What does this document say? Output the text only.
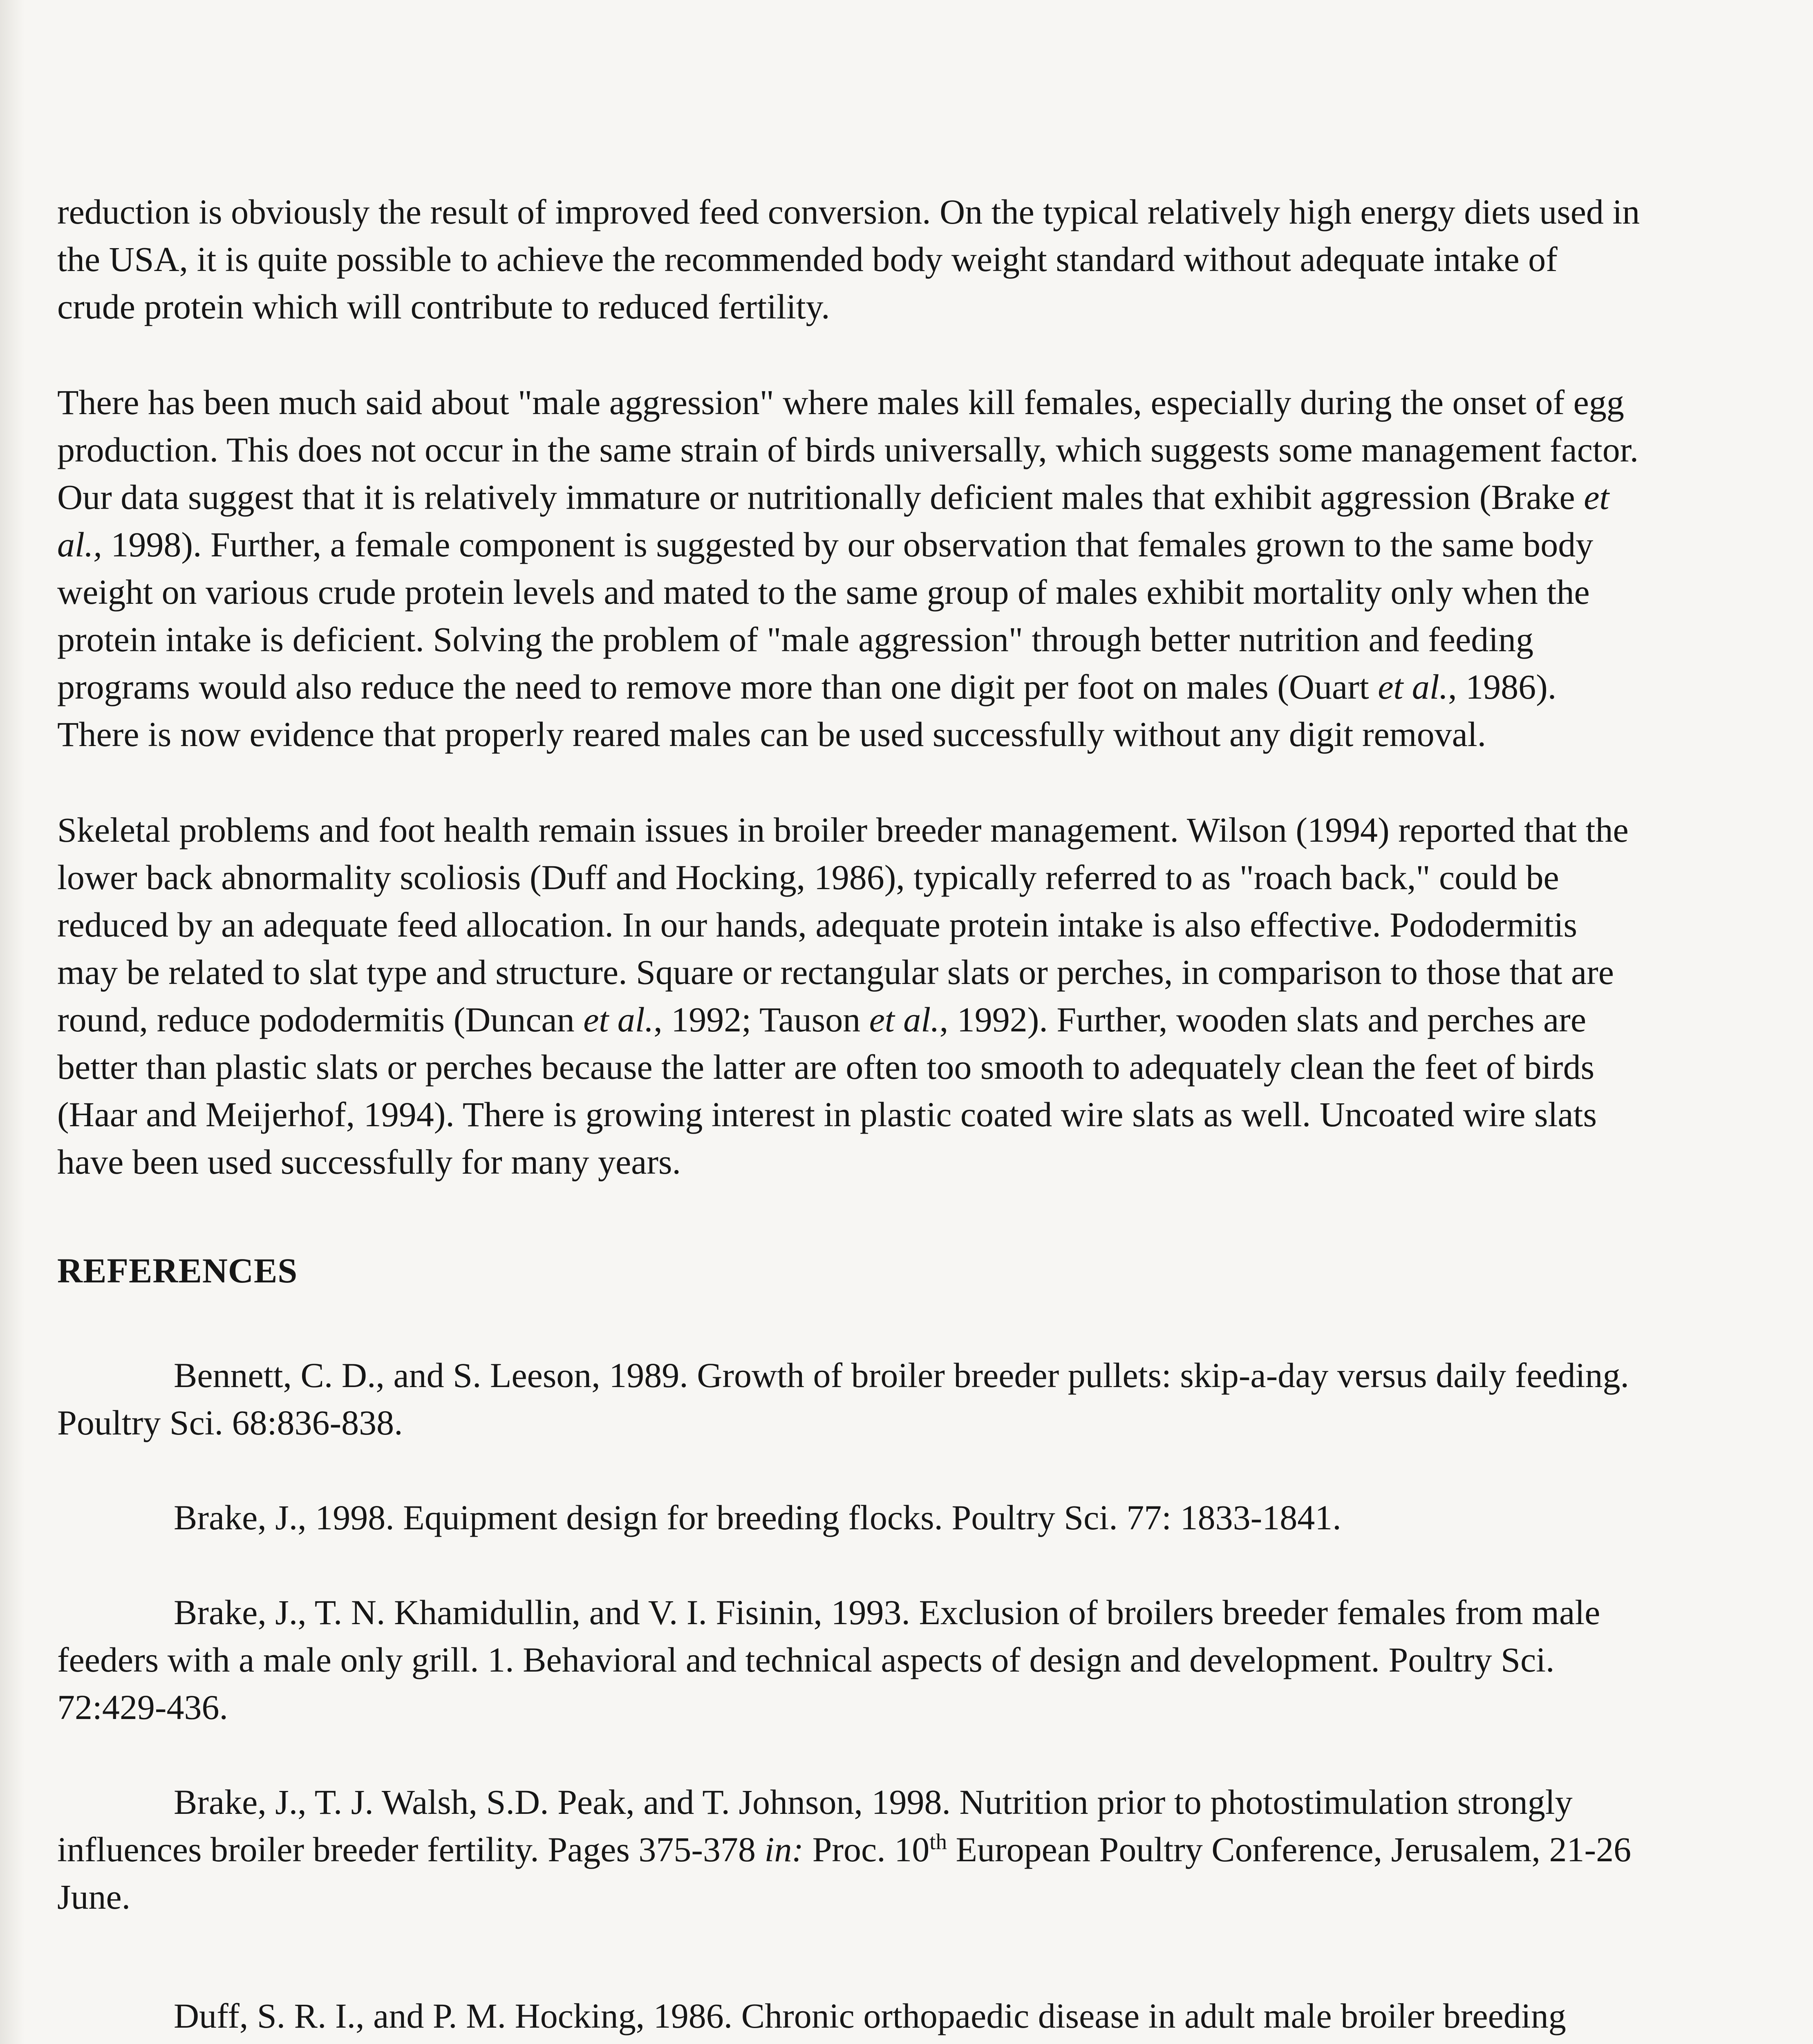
reduction is obviously the result of improved feed conversion. On the typical relatively high energy diets used in the USA, it is quite possible to achieve the recommended body weight standard without adequate intake of crude protein which will contribute to reduced fertility.

There has been much said about "male aggression" where males kill females, especially during the onset of egg production. This does not occur in the same strain of birds universally, which suggests some management factor. Our data suggest that it is relatively immature or nutritionally deficient males that exhibit aggression (Brake et al., 1998). Further, a female component is suggested by our observation that females grown to the same body weight on various crude protein levels and mated to the same group of males exhibit mortality only when the protein intake is deficient. Solving the problem of "male aggression" through better nutrition and feeding programs would also reduce the need to remove more than one digit per foot on males (Ouart et al., 1986). There is now evidence that properly reared males can be used successfully without any digit removal.

Skeletal problems and foot health remain issues in broiler breeder management. Wilson (1994) reported that the lower back abnormality scoliosis (Duff and Hocking, 1986), typically referred to as "roach back," could be reduced by an adequate feed allocation. In our hands, adequate protein intake is also effective. Pododermitis may be related to slat type and structure. Square or rectangular slats or perches, in comparison to those that are round, reduce pododermitis (Duncan et al., 1992; Tauson et al., 1992). Further, wooden slats and perches are better than plastic slats or perches because the latter are often too smooth to adequately clean the feet of birds (Haar and Meijerhof, 1994). There is growing interest in plastic coated wire slats as well. Uncoated wire slats have been used successfully for many years.

REFERENCES

Bennett, C. D., and S. Leeson, 1989. Growth of broiler breeder pullets: skip-a-day versus daily feeding. Poultry Sci. 68:836-838.

Brake, J., 1998. Equipment design for breeding flocks. Poultry Sci. 77: 1833-1841.

Brake, J., T. N. Khamidullin, and V. I. Fisinin, 1993. Exclusion of broilers breeder females from male feeders with a male only grill. 1. Behavioral and technical aspects of design and development. Poultry Sci. 72:429-436.

Brake, J., T. J. Walsh, S.D. Peak, and T. Johnson, 1998. Nutrition prior to photostimulation strongly influences broiler breeder fertility. Pages 375-378 in: Proc. 10th European Poultry Conference, Jerusalem, 21-26 June.

Duff, S. R. I., and P. M. Hocking, 1986. Chronic orthopaedic disease in adult male broiler breeding
